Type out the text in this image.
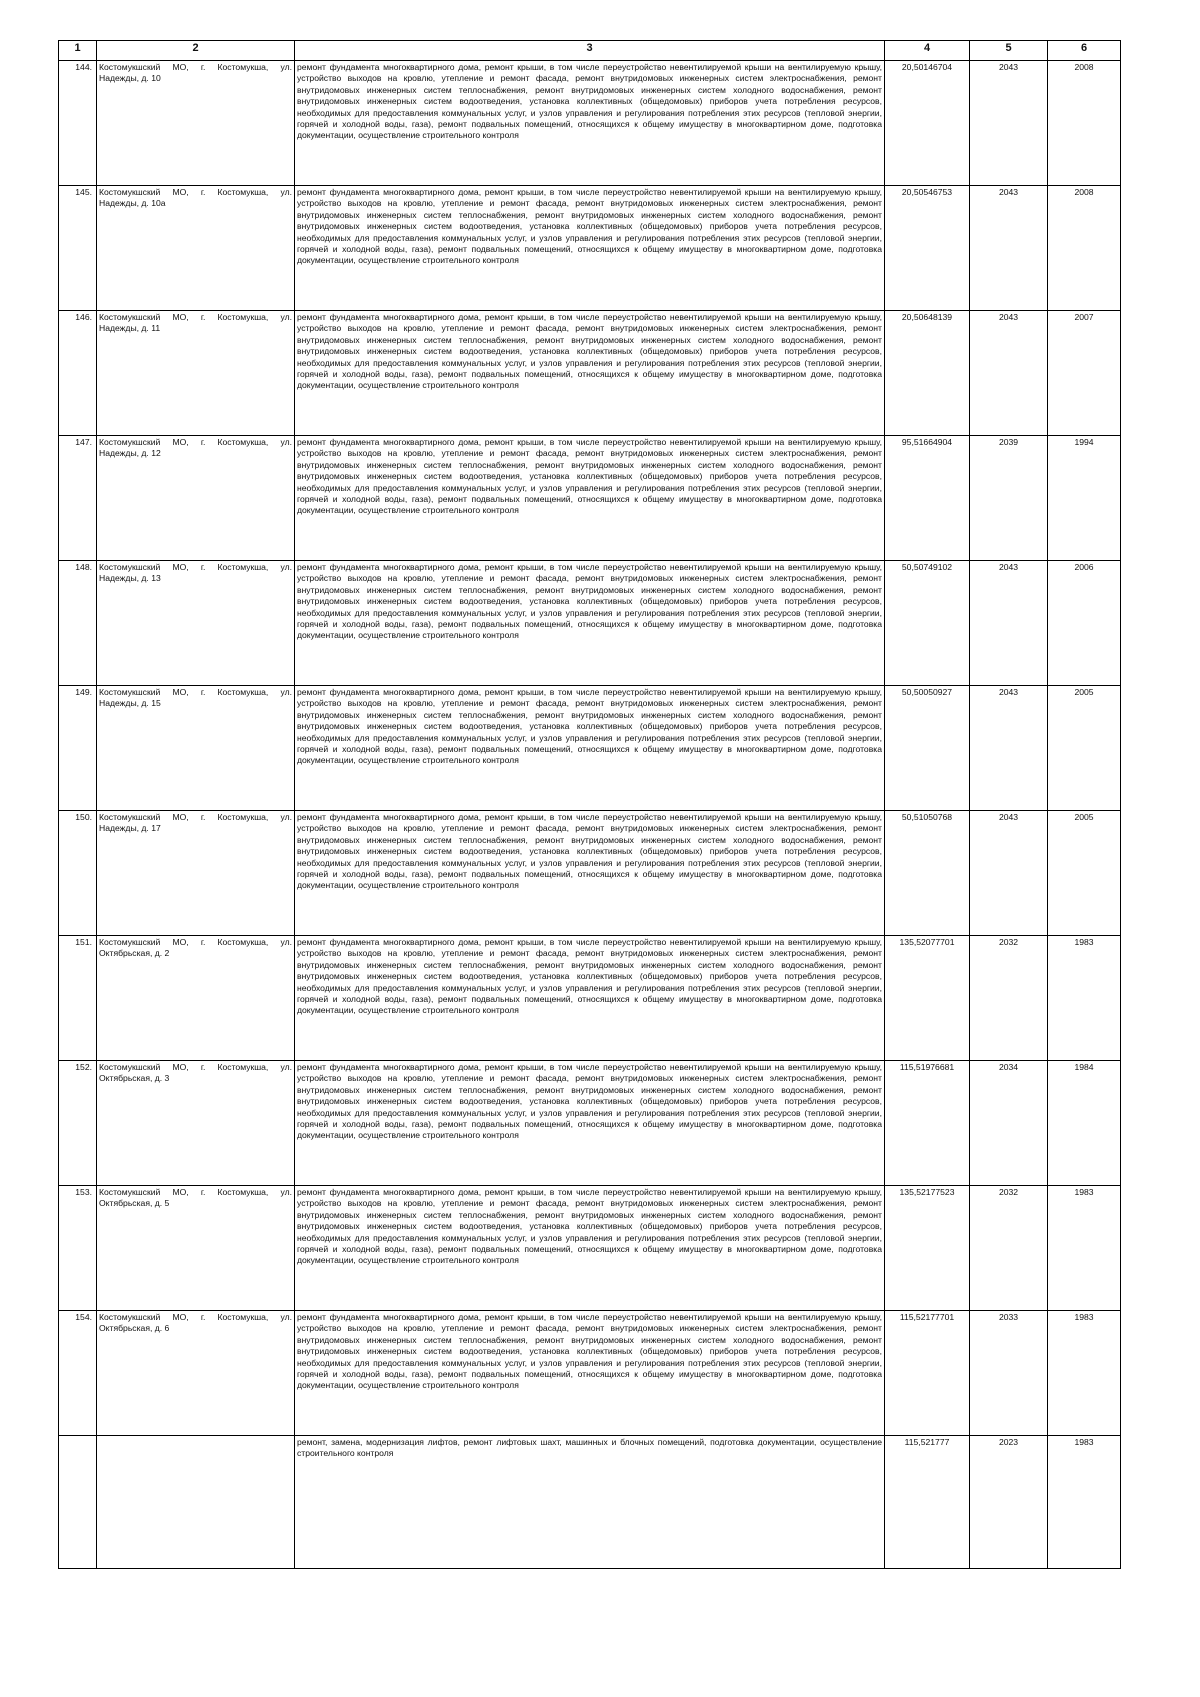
1	2	3	4	5	6
144.	Костомукшский МО, г. Костомукша, ул. Надежды, д. 10	ремонт фундамента многоквартирного дома, ремонт крыши, в том числе переустройство невентилируемой крыши на вентилируемую крышу, устройство выходов на кровлю, утепление и ремонт фасада, ремонт внутридомовых инженерных систем электроснабжения, ремонт внутридомовых инженерных систем теплоснабжения, ремонт внутридомовых инженерных систем холодного водоснабжения, ремонт внутридомовых инженерных систем водоотведения, установка коллективных (общедомовых) приборов учета потребления ресурсов, необходимых для предоставления коммунальных услуг, и узлов управления и регулирования потребления этих ресурсов (тепловой энергии, горячей и холодной воды, газа), ремонт подвальных помещений, относящихся к общему имуществу в многоквартирном доме, подготовка документации, осуществление строительного контроля	20,50146704	2043	2008
145.	Костомукшский МО, г. Костомукша, ул. Надежды, д. 10а	ремонт фундамента многоквартирного дома, ремонт крыши, в том числе переустройство невентилируемой крыши на вентилируемую крышу, устройство выходов на кровлю, утепление и ремонт фасада, ремонт внутридомовых инженерных систем электроснабжения, ремонт внутридомовых инженерных систем теплоснабжения, ремонт внутридомовых инженерных систем холодного водоснабжения, ремонт внутридомовых инженерных систем водоотведения, установка коллективных (общедомовых) приборов учета потребления ресурсов, необходимых для предоставления коммунальных услуг, и узлов управления и регулирования потребления этих ресурсов (тепловой энергии, горячей и холодной воды, газа), ремонт подвальных помещений, относящихся к общему имуществу в многоквартирном доме, подготовка документации, осуществление строительного контроля	20,50546753	2043	2008
146.	Костомукшский МО, г. Костомукша, ул. Надежды, д. 11	ремонт фундамента многоквартирного дома, ремонт крыши, в том числе переустройство невентилируемой крыши на вентилируемую крышу, устройство выходов на кровлю, утепление и ремонт фасада, ремонт внутридомовых инженерных систем электроснабжения, ремонт внутридомовых инженерных систем теплоснабжения, ремонт внутридомовых инженерных систем холодного водоснабжения, ремонт внутридомовых инженерных систем водоотведения, установка коллективных (общедомовых) приборов учета потребления ресурсов, необходимых для предоставления коммунальных услуг, и узлов управления и регулирования потребления этих ресурсов (тепловой энергии, горячей и холодной воды, газа), ремонт подвальных помещений, относящихся к общему имуществу в многоквартирном доме, подготовка документации, осуществление строительного контроля	20,50648139	2043	2007
147.	Костомукшский МО, г. Костомукша, ул. Надежды, д. 12	ремонт фундамента многоквартирного дома, ремонт крыши, в том числе переустройство невентилируемой крыши на вентилируемую крышу, устройство выходов на кровлю, утепление и ремонт фасада, ремонт внутридомовых инженерных систем электроснабжения, ремонт внутридомовых инженерных систем теплоснабжения, ремонт внутридомовых инженерных систем холодного водоснабжения, ремонт внутридомовых инженерных систем водоотведения, установка коллективных (общедомовых) приборов учета потребления ресурсов, необходимых для предоставления коммунальных услуг, и узлов управления и регулирования потребления этих ресурсов (тепловой энергии, горячей и холодной воды, газа), ремонт подвальных помещений, относящихся к общему имуществу в многоквартирном доме, подготовка документации, осуществление строительного контроля	95,51664904	2039	1994
148.	Костомукшский МО, г. Костомукша, ул. Надежды, д. 13	ремонт фундамента многоквартирного дома, ремонт крыши, в том числе переустройство невентилируемой крыши на вентилируемую крышу, устройство выходов на кровлю, утепление и ремонт фасада, ремонт внутридомовых инженерных систем электроснабжения, ремонт внутридомовых инженерных систем теплоснабжения, ремонт внутридомовых инженерных систем холодного водоснабжения, ремонт внутридомовых инженерных систем водоотведения, установка коллективных (общедомовых) приборов учета потребления ресурсов, необходимых для предоставления коммунальных услуг, и узлов управления и регулирования потребления этих ресурсов (тепловой энергии, горячей и холодной воды, газа), ремонт подвальных помещений, относящихся к общему имуществу в многоквартирном доме, подготовка документации, осуществление строительного контроля	50,50749102	2043	2006
149.	Костомукшский МО, г. Костомукша, ул. Надежды, д. 15	ремонт фундамента многоквартирного дома, ремонт крыши, в том числе переустройство невентилируемой крыши на вентилируемую крышу, устройство выходов на кровлю, утепление и ремонт фасада, ремонт внутридомовых инженерных систем электроснабжения, ремонт внутридомовых инженерных систем теплоснабжения, ремонт внутридомовых инженерных систем холодного водоснабжения, ремонт внутридомовых инженерных систем водоотведения, установка коллективных (общедомовых) приборов учета потребления ресурсов, необходимых для предоставления коммунальных услуг, и узлов управления и регулирования потребления этих ресурсов (тепловой энергии, горячей и холодной воды, газа), ремонт подвальных помещений, относящихся к общему имуществу в многоквартирном доме, подготовка документации, осуществление строительного контроля	50,50050927	2043	2005
150.	Костомукшский МО, г. Костомукша, ул. Надежды, д. 17	ремонт фундамента многоквартирного дома, ремонт крыши, в том числе переустройство невентилируемой крыши на вентилируемую крышу, устройство выходов на кровлю, утепление и ремонт фасада, ремонт внутридомовых инженерных систем электроснабжения, ремонт внутридомовых инженерных систем теплоснабжения, ремонт внутридомовых инженерных систем холодного водоснабжения, ремонт внутридомовых инженерных систем водоотведения, установка коллективных (общедомовых) приборов учета потребления ресурсов, необходимых для предоставления коммунальных услуг, и узлов управления и регулирования потребления этих ресурсов (тепловой энергии, горячей и холодной воды, газа), ремонт подвальных помещений, относящихся к общему имуществу в многоквартирном доме, подготовка документации, осуществление строительного контроля	50,51050768	2043	2005
151.	Костомукшский МО, г. Костомукша, ул. Октябрьская, д. 2	ремонт фундамента многоквартирного дома, ремонт крыши, в том числе переустройство невентилируемой крыши на вентилируемую крышу, устройство выходов на кровлю, утепление и ремонт фасада, ремонт внутридомовых инженерных систем электроснабжения, ремонт внутридомовых инженерных систем теплоснабжения, ремонт внутридомовых инженерных систем холодного водоснабжения, ремонт внутридомовых инженерных систем водоотведения, установка коллективных (общедомовых) приборов учета потребления ресурсов, необходимых для предоставления коммунальных услуг, и узлов управления и регулирования потребления этих ресурсов (тепловой энергии, горячей и холодной воды, газа), ремонт подвальных помещений, относящихся к общему имуществу в многоквартирном доме, подготовка документации, осуществление строительного контроля	135,52077701	2032	1983
152.	Костомукшский МО, г. Костомукша, ул. Октябрьская, д. 3	ремонт фундамента многоквартирного дома, ремонт крыши, в том числе переустройство невентилируемой крыши на вентилируемую крышу, устройство выходов на кровлю, утепление и ремонт фасада, ремонт внутридомовых инженерных систем электроснабжения, ремонт внутридомовых инженерных систем теплоснабжения, ремонт внутридомовых инженерных систем холодного водоснабжения, ремонт внутридомовых инженерных систем водоотведения, установка коллективных (общедомовых) приборов учета потребления ресурсов, необходимых для предоставления коммунальных услуг, и узлов управления и регулирования потребления этих ресурсов (тепловой энергии, горячей и холодной воды, газа), ремонт подвальных помещений, относящихся к общему имуществу в многоквартирном доме, подготовка документации, осуществление строительного контроля	115,51976681	2034	1984
153.	Костомукшский МО, г. Костомукша, ул. Октябрьская, д. 5	ремонт фундамента многоквартирного дома, ремонт крыши, в том числе переустройство невентилируемой крыши на вентилируемую крышу, устройство выходов на кровлю, утепление и ремонт фасада, ремонт внутридомовых инженерных систем электроснабжения, ремонт внутридомовых инженерных систем теплоснабжения, ремонт внутридомовых инженерных систем холодного водоснабжения, ремонт внутридомовых инженерных систем водоотведения, установка коллективных (общедомовых) приборов учета потребления ресурсов, необходимых для предоставления коммунальных услуг, и узлов управления и регулирования потребления этих ресурсов (тепловой энергии, горячей и холодной воды, газа), ремонт подвальных помещений, относящихся к общему имуществу в многоквартирном доме, подготовка документации, осуществление строительного контроля	135,52177523	2032	1983
154.	Костомукшский МО, г. Костомукша, ул. Октябрьская, д. 6	ремонт фундамента многоквартирного дома, ремонт крыши, в том числе переустройство невентилируемой крыши на вентилируемую крышу, устройство выходов на кровлю, утепление и ремонт фасада, ремонт внутридомовых инженерных систем электроснабжения, ремонт внутридомовых инженерных систем теплоснабжения, ремонт внутридомовых инженерных систем холодного водоснабжения, ремонт внутридомовых инженерных систем водоотведения, установка коллективных (общедомовых) приборов учета потребления ресурсов, необходимых для предоставления коммунальных услуг, и узлов управления и регулирования потребления этих ресурсов (тепловой энергии, горячей и холодной воды, газа), ремонт подвальных помещений, относящихся к общему имуществу в многоквартирном доме, подготовка документации, осуществление строительного контроля	115,52177701	2033	1983
		ремонт, замена, модернизация лифтов, ремонт лифтовых шахт, машинных и блочных помещений, подготовка документации, осуществление строительного контроля	115,521777	2023	1983
